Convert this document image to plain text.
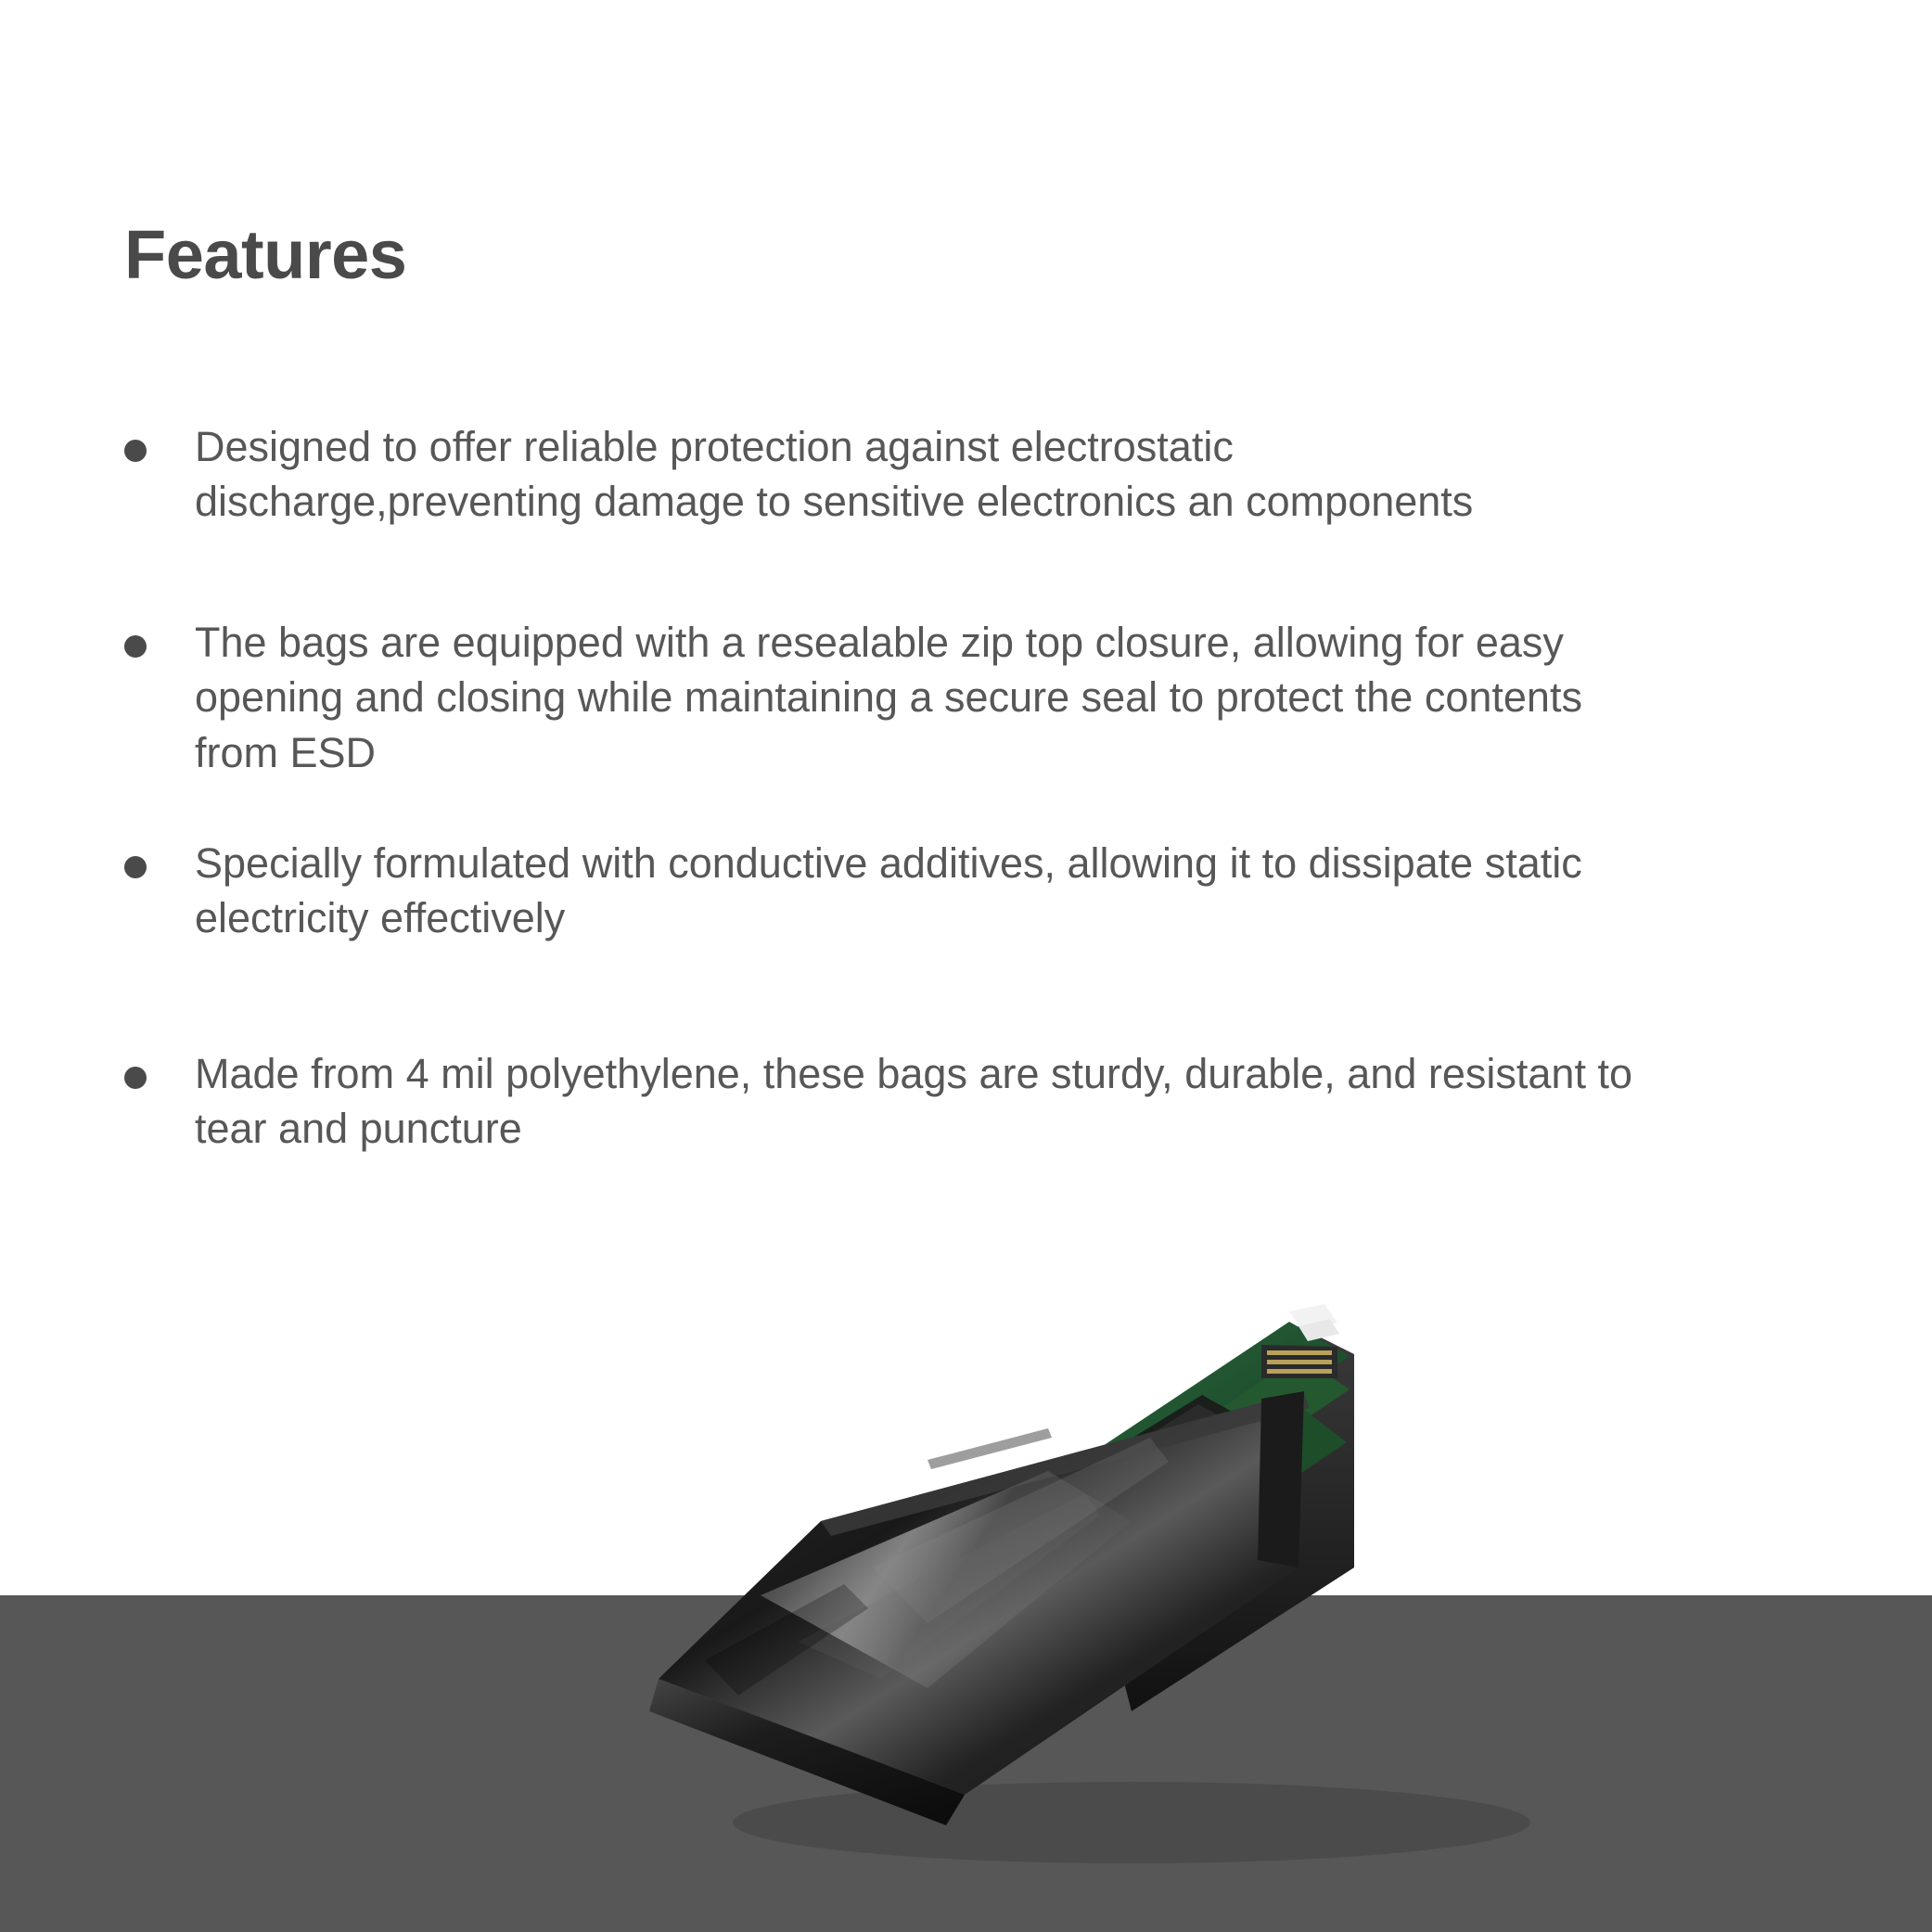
Features
Designed to offer reliable protection against electrostatic discharge,preventing damage to sensitive electronics an components
The bags are equipped with a resealable zip top closure, allowing for easy opening and closing while maintaining a secure seal to protect the contents from ESD
Specially formulated with conductive additives, allowing it to dissipate static electricity effectively
Made from 4 mil polyethylene, these bags are sturdy, durable, and resistant to tear and puncture
